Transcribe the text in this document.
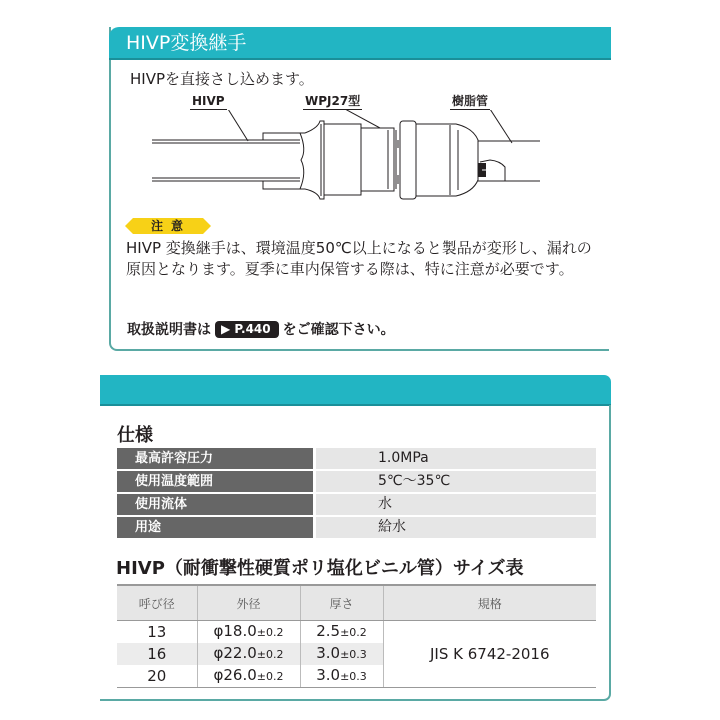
HIVP変換継手
HIVPを直接さし込めます。
HIVP	WPJ27型	樹脂管
注意
HIVP 変換継手は、環境温度50℃以上になると製品が変形し、漏れの原因となります。夏季に車内保管する際は、特に注意が必要です。
取扱説明書は ▶ P.440 をご確認下さい。
仕様
最高許容圧力	1.0MPa
使用温度範囲	5℃〜35℃
使用流体	水
用途	給水
HIVP（耐衝撃性硬質ポリ塩化ビニル管）サイズ表
呼び径	外径	厚さ	規格
13	φ18.0±0.2	2.5±0.2	JIS K 6742-2016
16	φ22.0±0.2	3.0±0.3	
20	φ26.0±0.2	3.0±0.3	
